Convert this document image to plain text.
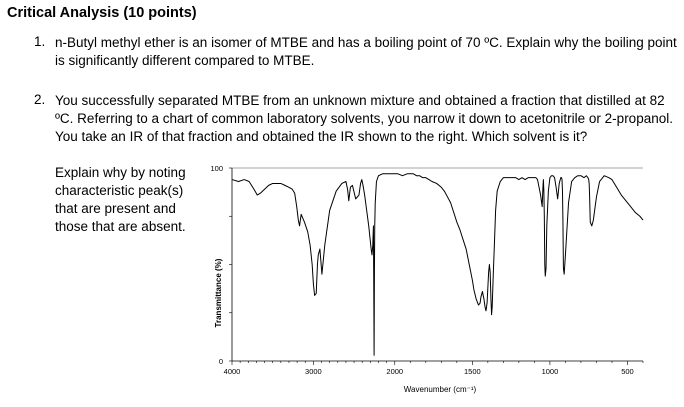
Critical Analysis (10 points)
1. n-Butyl methyl ether is an isomer of MTBE and has a boiling point of 70 ºC. Explain why the boiling point is significantly different compared to MTBE.

2. You successfully separated MTBE from an unknown mixture and obtained a fraction that distilled at 82 ºC. Referring to a chart of common laboratory solvents, you narrow it down to acetonitrile or 2-propanol. You take an IR of that fraction and obtained the IR shown to the right. Which solvent is it?

Explain why by noting
characteristic peak(s)
that are present and
those that are absent.

4000	3000	2000	1500	1000	500
0
100
Wavenumber (cm⁻¹)
Transmittance (%)
